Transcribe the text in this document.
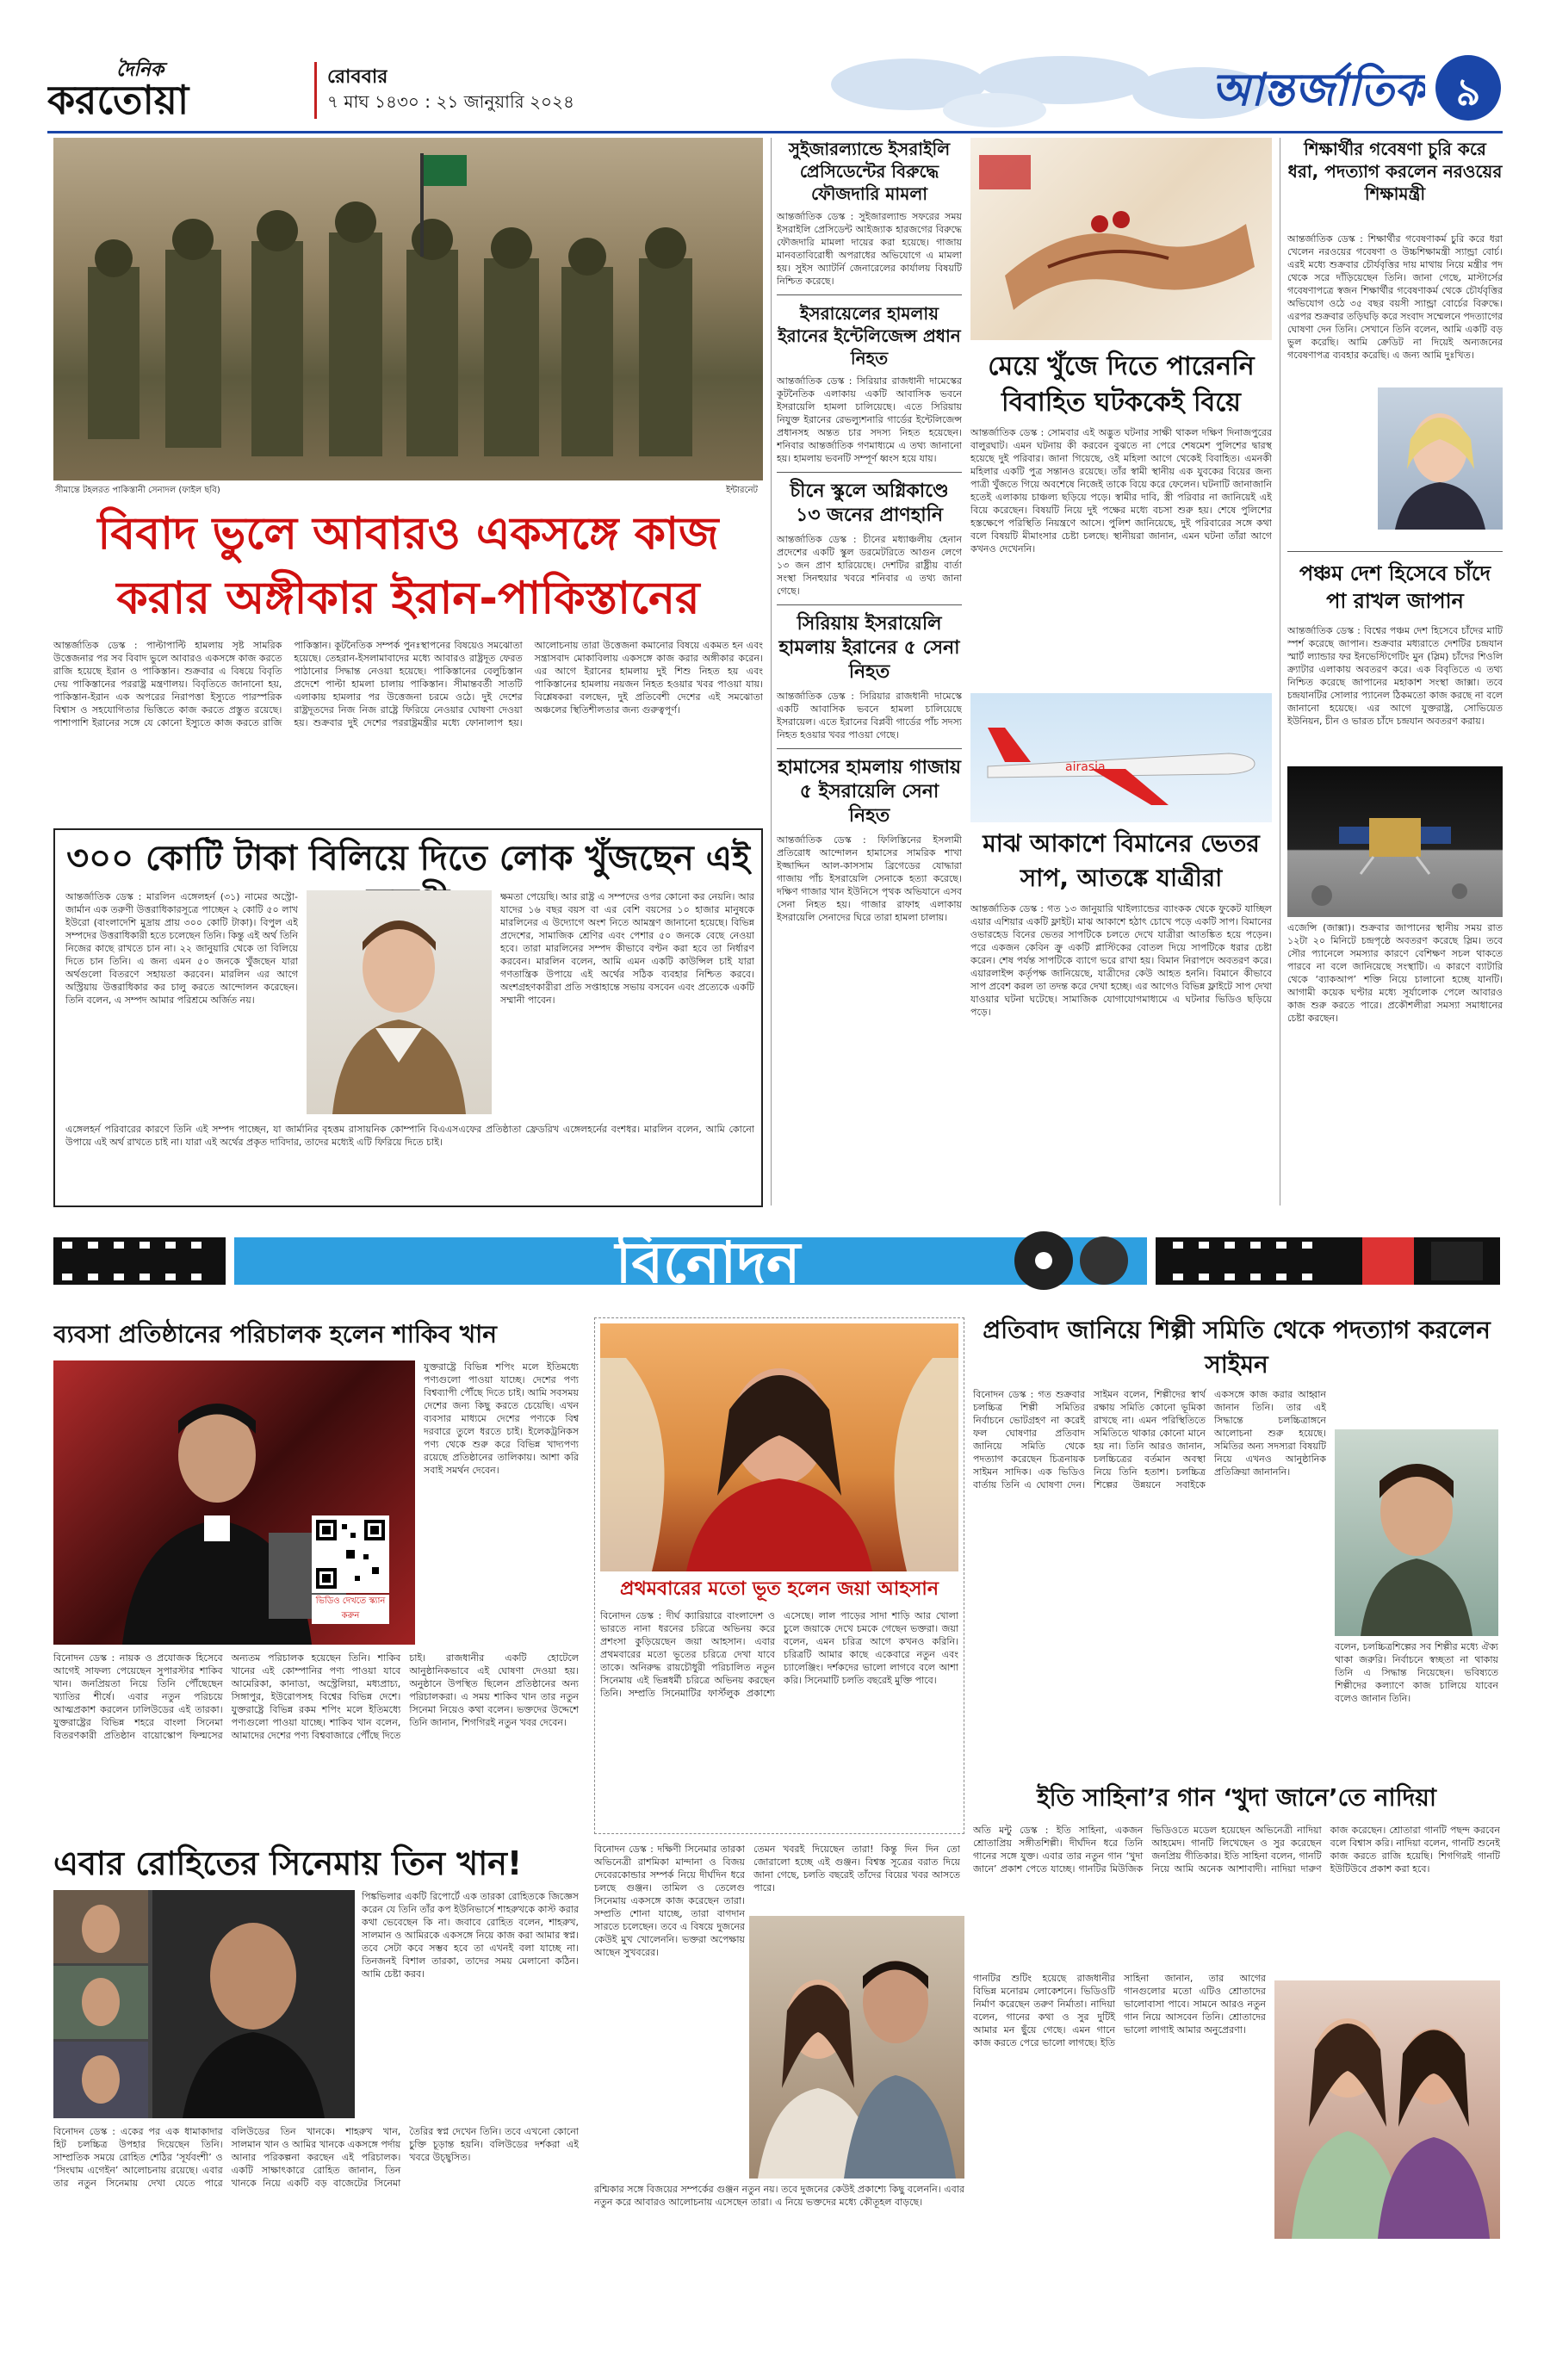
দৈনিক
করতোয়া	রোববার
৭ মাঘ ১৪৩০ : ২১ জানুয়ারি ২০২৪	আন্তর্জাতিক ৯
সীমান্তে টহলরত পাকিস্তানী সেনাদল (ফাইল ছবি)	ইন্টারনেট
বিবাদ ভুলে আবারও একসঙ্গে কাজ
করার অঙ্গীকার ইরান-পাকিস্তানের
আন্তর্জাতিক ডেস্ক : পাল্টাপাল্টি হামলায় সৃষ্ট সামরিক উত্তেজনার পর সব বিবাদ ভুলে আবারও একসঙ্গে কাজ করতে রাজি হয়েছে ইরান ও পাকিস্তান। শুক্রবার এ বিষয়ে বিবৃতি দেয় পাকিস্তানের পররাষ্ট্র মন্ত্রণালয়। বিবৃতিতে জানানো হয়, পাকিস্তান-ইরান এক অপরের নিরাপত্তা ইস্যুতে পারস্পরিক বিশ্বাস ও সহযোগিতার ভিত্তিতে কাজ করতে প্রস্তুত রয়েছে। পাশাপাশি ইরানের সঙ্গে যে কোনো ইস্যুতে কাজ করতে রাজি পাকিস্তান। কূটনৈতিক সম্পর্ক পুনঃস্থাপনের বিষয়েও সমঝোতা হয়েছে। তেহরান-ইসলামাবাদের মধ্যে আবারও রাষ্ট্রদূত ফেরত পাঠানোর সিদ্ধান্ত নেওয়া হয়েছে। পাকিস্তানের বেলুচিস্তান প্রদেশে পাল্টা হামলা চালায় পাকিস্তান। সীমান্তবর্তী সাতটি এলাকায় হামলার পর উত্তেজনা চরমে ওঠে। দুই দেশের রাষ্ট্রদূতদের নিজ নিজ রাষ্ট্রে ফিরিয়ে নেওয়ার ঘোষণা দেওয়া হয়। শুক্রবার দুই দেশের পররাষ্ট্রমন্ত্রীর মধ্যে ফোনালাপ হয়। আলোচনায় তারা উত্তেজনা কমানোর বিষয়ে একমত হন এবং সন্ত্রাসবাদ মোকাবিলায় একসঙ্গে কাজ করার অঙ্গীকার করেন। এর আগে ইরানের হামলায় দুই শিশু নিহত হয় এবং পাকিস্তানের হামলায় নয়জন নিহত হওয়ার খবর পাওয়া যায়। বিশ্লেষকরা বলছেন, দুই প্রতিবেশী দেশের এই সমঝোতা অঞ্চলের স্থিতিশীলতার জন্য গুরুত্বপূর্ণ।
৩০০ কোটি টাকা বিলিয়ে দিতে লোক খুঁজছেন এই
আন্তর্জাতিক ডেস্ক : মারলিন এঙ্গেলহর্ন (৩১) নামের অস্ট্রো-জার্মান এক তরুণী উত্তরাধিকারসূত্রে পাচ্ছেন ২ কোটি ৫০ লাখ ইউরো (বাংলাদেশি মুদ্রায় প্রায় ৩০০ কোটি টাকা)। বিপুল এই সম্পদের উত্তরাধিকারী হতে চলেছেন তিনি। কিন্তু এই অর্থ তিনি নিজের কাছে রাখতে চান না। ২২ জানুয়ারি থেকে তা বিলিয়ে দিতে চান তিনি। এ জন্য এমন ৫০ জনকে খুঁজছেন যারা অর্থগুলো বিতরণে সহায়তা করবেন। মারলিন এর আগে অস্ট্রিয়ায় উত্তরাধিকার কর চালু করতে আন্দোলন করেছেন। তিনি বলেন, এ সম্পদ আমার পরিশ্রমে অর্জিত নয়।
ক্ষমতা পেয়েছি। আর রাষ্ট্র এ সম্পদের ওপর কোনো কর নেয়নি। আর যাদের ১৬ বছর বয়স বা এর বেশি বয়সের ১০ হাজার মানুষকে মারলিনের এ উদ্যোগে অংশ নিতে আমন্ত্রণ জানানো হয়েছে। বিভিন্ন প্রদেশের, সামাজিক শ্রেণির এবং পেশার ৫০ জনকে বেছে নেওয়া হবে। তারা মারলিনের সম্পদ কীভাবে বণ্টন করা হবে তা নির্ধারণ করবেন। মারলিন বলেন, আমি এমন একটি কাউন্সিল চাই যারা গণতান্ত্রিক উপায়ে এই অর্থের সঠিক ব্যবহার নিশ্চিত করবে। অংশগ্রহণকারীরা প্রতি সপ্তাহান্তে সভায় বসবেন এবং প্রত্যেকে একটি সম্মানী পাবেন।
এঙ্গেলহর্ন পরিবারের কারণে তিনি এই সম্পদ পাচ্ছেন, যা জার্মানির বৃহত্তম রাসায়নিক কোম্পানি বিএএসএফের প্রতিষ্ঠাতা ফ্রেডরিখ এঙ্গেলহর্নের বংশধর। মারলিন বলেন, আমি কোনো উপায়ে এই অর্থ রাখতে চাই না। যারা এই অর্থের প্রকৃত দাবিদার, তাদের মধ্যেই এটি ফিরিয়ে দিতে চাই।
সুইজারল্যান্ডে ইসরাইলি প্রেসিডেন্টের বিরুদ্ধে ফৌজদারি মামলা
আন্তর্জাতিক ডেস্ক : সুইজারল্যান্ড সফরের সময় ইসরাইলি প্রেসিডেন্ট আইজ্যাক হারজগের বিরুদ্ধে ফৌজদারি মামলা দায়ের করা হয়েছে। গাজায় মানবতাবিরোধী অপরাধের অভিযোগে এ মামলা হয়। সুইস অ্যাটর্নি জেনারেলের কার্যালয় বিষয়টি নিশ্চিত করেছে।
ইসরায়েলের হামলায় ইরানের ইন্টেলিজেন্স প্রধান নিহত
আন্তর্জাতিক ডেস্ক : সিরিয়ার রাজধানী দামেস্কের কূটনৈতিক এলাকায় একটি আবাসিক ভবনে ইসরায়েলি হামলা চালিয়েছে। এতে সিরিয়ায় নিযুক্ত ইরানের রেভল্যুশনারি গার্ডের ইন্টেলিজেন্স প্রধানসহ অন্তত চার সদস্য নিহত হয়েছেন। শনিবার আন্তর্জাতিক গণমাধ্যমে এ তথ্য জানানো হয়। হামলায় ভবনটি সম্পূর্ণ ধ্বংস হয়ে যায়।
চীনে স্কুলে অগ্নিকাণ্ডে ১৩ জনের প্রাণহানি
আন্তর্জাতিক ডেস্ক : চীনের মধ্যাঞ্চলীয় হেনান প্রদেশের একটি স্কুল ডরমেটরিতে আগুন লেগে ১৩ জন প্রাণ হারিয়েছে। দেশটির রাষ্ট্রীয় বার্তা সংস্থা সিনহুয়ার খবরে শনিবার এ তথ্য জানা গেছে।
সিরিয়ায় ইসরায়েলি হামলায় ইরানের ৫ সেনা নিহত
আন্তর্জাতিক ডেস্ক : সিরিয়ার রাজধানী দামেস্কে একটি আবাসিক ভবনে হামলা চালিয়েছে ইসরায়েল। এতে ইরানের বিপ্লবী গার্ডের পাঁচ সদস্য নিহত হওয়ার খবর পাওয়া গেছে।
হামাসের হামলায় গাজায় ৫ ইসরায়েলি সেনা নিহত
আন্তর্জাতিক ডেস্ক : ফিলিস্তিনের ইসলামী প্রতিরোধ আন্দোলন হামাসের সামরিক শাখা ইজ্জাদ্দিন আল-কাসসাম ব্রিগেডের যোদ্ধারা গাজায় পাঁচ ইসরায়েলি সেনাকে হত্যা করেছে। দক্ষিণ গাজার খান ইউনিসে পৃথক অভিযানে এসব সেনা নিহত হয়। গাজার রাফাহ এলাকায় ইসরায়েলি সেনাদের ঘিরে তারা হামলা চালায়।
মেয়ে খুঁজে দিতে পারেননি বিবাহিত ঘটককেই বিয়ে
আন্তর্জাতিক ডেস্ক : সোমবার এই অদ্ভুত ঘটনার সাক্ষী থাকল দক্ষিণ দিনাজপুরের বালুরঘাট। এমন ঘটনায় কী করবেন বুঝতে না পেরে শেষমেশ পুলিশের দ্বারস্থ হয়েছে দুই পরিবার। জানা গিয়েছে, ওই মহিলা আগে থেকেই বিবাহিত। এমনকী মহিলার একটি পুত্র সন্তানও রয়েছে। তাঁর স্বামী স্থানীয় এক যুবকের বিয়ের জন্য পাত্রী খুঁজতে গিয়ে অবশেষে নিজেই তাকে বিয়ে করে ফেলেন। ঘটনাটি জানাজানি হতেই এলাকায় চাঞ্চল্য ছড়িয়ে পড়ে। স্বামীর দাবি, স্ত্রী পরিবার না জানিয়েই এই বিয়ে করেছেন। বিষয়টি নিয়ে দুই পক্ষের মধ্যে বচসা শুরু হয়। শেষে পুলিশের হস্তক্ষেপে পরিস্থিতি নিয়ন্ত্রণে আসে। পুলিশ জানিয়েছে, দুই পরিবারের সঙ্গে কথা বলে বিষয়টি মীমাংসার চেষ্টা চলছে। স্থানীয়রা জানান, এমন ঘটনা তাঁরা আগে কখনও দেখেননি।
airasia
মাঝ আকাশে বিমানের ভেতর সাপ, আতঙ্কে যাত্রীরা
আন্তর্জাতিক ডেস্ক : গত ১৩ জানুয়ারি থাইল্যান্ডের ব্যাংকক থেকে ফুকেট যাচ্ছিল এয়ার এশিয়ার একটি ফ্লাইট। মাঝ আকাশে হঠাৎ চোখে পড়ে একটি সাপ। বিমানের ওভারহেড বিনের ভেতর সাপটিকে চলতে দেখে যাত্রীরা আতঙ্কিত হয়ে পড়েন। পরে একজন কেবিন ক্রু একটি প্লাস্টিকের বোতল দিয়ে সাপটিকে ধরার চেষ্টা করেন। শেষ পর্যন্ত সাপটিকে ব্যাগে ভরে রাখা হয়। বিমান নিরাপদে অবতরণ করে। এয়ারলাইন্স কর্তৃপক্ষ জানিয়েছে, যাত্রীদের কেউ আহত হননি। বিমানে কীভাবে সাপ প্রবেশ করল তা তদন্ত করে দেখা হচ্ছে। এর আগেও বিভিন্ন ফ্লাইটে সাপ দেখা যাওয়ার ঘটনা ঘটেছে। সামাজিক যোগাযোগমাধ্যমে এ ঘটনার ভিডিও ছড়িয়ে পড়ে।
শিক্ষার্থীর গবেষণা চুরি করে ধরা, পদত্যাগ করলেন নরওয়ের শিক্ষামন্ত্রী
আন্তর্জাতিক ডেস্ক : শিক্ষার্থীর গবেষণাকর্ম চুরি করে ধরা খেলেন নরওয়ের গবেষণা ও উচ্চশিক্ষামন্ত্রী স্যান্ড্রা বোর্চ। এরই মধ্যে শুক্রবার চৌর্যবৃত্তির দায় মাথায় নিয়ে মন্ত্রীর পদ থেকে সরে দাঁড়িয়েছেন তিনি। জানা গেছে, মাস্টার্সের গবেষণাপত্রে স্বজন শিক্ষার্থীর গবেষণাকর্ম থেকে চৌর্যবৃত্তির অভিযোগ ওঠে ৩৫ বছর বয়সী স্যান্ড্রা বোর্চের বিরুদ্ধে। এরপর শুক্রবার তড়িঘড়ি করে সংবাদ সম্মেলনে পদত্যাগের ঘোষণা দেন তিনি। সেখানে তিনি বলেন, আমি একটি বড় ভুল করেছি। আমি ক্রেডিট না দিয়েই অন্যজনের গবেষণাপত্র ব্যবহার করেছি। এ জন্য আমি দুঃখিত।
পঞ্চম দেশ হিসেবে চাঁদে পা রাখল জাপান
আন্তর্জাতিক ডেস্ক : বিশ্বের পঞ্চম দেশ হিসেবে চাঁদের মাটি স্পর্শ করেছে জাপান। শুক্রবার মধ্যরাতে দেশটির চন্দ্রযান স্মার্ট ল্যান্ডার ফর ইনভেস্টিগেটিং মুন (স্লিম) চাঁদের শিওলি ক্র্যাটার এলাকায় অবতরণ করে। এক বিবৃতিতে এ তথ্য নিশ্চিত করেছে জাপানের মহাকাশ সংস্থা জাক্সা। তবে চন্দ্রযানটির সোলার প্যানেল ঠিকমতো কাজ করছে না বলে জানানো হয়েছে। এর আগে যুক্তরাষ্ট্র, সোভিয়েত ইউনিয়ন, চীন ও ভারত চাঁদে চন্দ্রযান অবতরণ করায়।
এজেন্সি (জাক্সা)। শুক্রবার জাপানের স্থানীয় সময় রাত ১২টা ২০ মিনিটে চন্দ্রপৃষ্ঠে অবতরণ করেছে স্লিম। তবে সৌর প্যানেলে সমস্যার কারণে বেশিক্ষণ সচল থাকতে পারবে না বলে জানিয়েছে সংস্থাটি। এ কারণে ব্যাটারি থেকে ‘ব্যাকআপ’ শক্তি নিয়ে চালানো হচ্ছে যানটি। আগামী কয়েক ঘণ্টার মধ্যে সূর্যালোক পেলে আবারও কাজ শুরু করতে পারে। প্রকৌশলীরা সমস্যা সমাধানের চেষ্টা করছেন।
বিনোদন
ব্যবসা প্রতিষ্ঠানের পরিচালক হলেন শাকিব খান
ভিডিও দেখতে স্ক্যান করুন
যুক্তরাষ্ট্রে বিভিন্ন শপিং মলে ইতিমধ্যে পণ্যগুলো পাওয়া যাচ্ছে। দেশের পণ্য বিশ্বব্যাপী পৌঁছে দিতে চাই। আমি সবসময় দেশের জন্য কিছু করতে চেয়েছি। এখন ব্যবসার মাধ্যমে দেশের পণ্যকে বিশ্ব দরবারে তুলে ধরতে চাই। ইলেকট্রনিকস পণ্য থেকে শুরু করে বিভিন্ন খাদ্যপণ্য রয়েছে প্রতিষ্ঠানের তালিকায়। আশা করি সবাই সমর্থন দেবেন।
বিনোদন ডেস্ক : নায়ক ও প্রযোজক হিসেবে আগেই সাফল্য পেয়েছেন সুপারস্টার শাকিব খান। জনপ্রিয়তা নিয়ে তিনি পৌঁছেছেন খ্যাতির শীর্ষে। এবার নতুন পরিচয়ে আত্মপ্রকাশ করলেন ঢালিউডের এই তারকা। যুক্তরাষ্ট্রের বিভিন্ন শহরে বাংলা সিনেমা বিতরণকারী প্রতিষ্ঠান বায়োস্কোপ ফিল্মসের অন্যতম পরিচালক হয়েছেন তিনি। শাকিব খানের এই কোম্পানির পণ্য পাওয়া যাবে আমেরিকা, কানাডা, অস্ট্রেলিয়া, মধ্যপ্রাচ্য, সিঙ্গাপুর, ইউরোপসহ বিশ্বের বিভিন্ন দেশে। যুক্তরাষ্ট্রে বিভিন্ন রকম শপিং মলে ইতিমধ্যে পণ্যগুলো পাওয়া যাচ্ছে। শাকিব খান বলেন, আমাদের দেশের পণ্য বিশ্ববাজারে পৌঁছে দিতে চাই। রাজধানীর একটি হোটেলে আনুষ্ঠানিকভাবে এই ঘোষণা দেওয়া হয়। অনুষ্ঠানে উপস্থিত ছিলেন প্রতিষ্ঠানের অন্য পরিচালকরা। এ সময় শাকিব খান তার নতুন সিনেমা নিয়েও কথা বলেন। ভক্তদের উদ্দেশে তিনি জানান, শিগগিরই নতুন খবর দেবেন।
প্রথমবারের মতো ভূত হলেন জয়া আহসান
বিনোদন ডেস্ক : দীর্ঘ ক্যারিয়ারে বাংলাদেশ ও ভারতে নানা ধরনের চরিত্রে অভিনয় করে প্রশংসা কুড়িয়েছেন জয়া আহসান। এবার প্রথমবারের মতো ভূতের চরিত্রে দেখা যাবে তাকে। অনিরুদ্ধ রায়চৌধুরী পরিচালিত নতুন সিনেমায় এই ভিন্নধর্মী চরিত্রে অভিনয় করছেন তিনি। সম্প্রতি সিনেমাটির ফার্স্টলুক প্রকাশ্যে এসেছে। লাল পাড়ের সাদা শাড়ি আর খোলা চুলে জয়াকে দেখে চমকে গেছেন ভক্তরা। জয়া বলেন, এমন চরিত্র আগে কখনও করিনি। চরিত্রটি আমার কাছে একেবারে নতুন এবং চ্যালেঞ্জিং। দর্শকদের ভালো লাগবে বলে আশা করি। সিনেমাটি চলতি বছরেই মুক্তি পাবে।
প্রতিবাদ জানিয়ে শিল্পী সমিতি থেকে পদত্যাগ করলেন সাইমন
বিনোদন ডেস্ক : গত শুক্রবার চলচ্চিত্র শিল্পী সমিতির নির্বাচনে ভোটগ্রহণ না করেই ফল ঘোষণার প্রতিবাদ জানিয়ে সমিতি থেকে পদত্যাগ করেছেন চিত্রনায়ক সাইমন সাদিক। এক ভিডিও বার্তায় তিনি এ ঘোষণা দেন। সাইমন বলেন, শিল্পীদের স্বার্থ রক্ষায় সমিতি কোনো ভূমিকা রাখছে না। এমন পরিস্থিতিতে সমিতিতে থাকার কোনো মানে হয় না। তিনি আরও জানান, চলচ্চিত্রের বর্তমান অবস্থা নিয়ে তিনি হতাশ। চলচ্চিত্র শিল্পের উন্নয়নে সবাইকে একসঙ্গে কাজ করার আহ্বান জানান তিনি। তার এই সিদ্ধান্তে চলচ্চিত্রাঙ্গনে আলোচনা শুরু হয়েছে। সমিতির অন্য সদস্যরা বিষয়টি নিয়ে এখনও আনুষ্ঠানিক প্রতিক্রিয়া জানাননি।
বলেন, চলচ্চিত্রশিল্পের সব শিল্পীর মধ্যে ঐক্য থাকা জরুরি। নির্বাচনে স্বচ্ছতা না থাকায় তিনি এ সিদ্ধান্ত নিয়েছেন। ভবিষ্যতে শিল্পীদের কল্যাণে কাজ চালিয়ে যাবেন বলেও জানান তিনি।
ইতি সাহিনা’র গান ‘খুদা জানে’তে নাদিয়া
অতি মন্টু ডেস্ক : ইতি সাহিনা, একজন শ্রোতাপ্রিয় সঙ্গীতশিল্পী। দীর্ঘদিন ধরে তিনি গানের সঙ্গে যুক্ত। এবার তার নতুন গান ‘খুদা জানে’ প্রকাশ পেতে যাচ্ছে। গানটির মিউজিক ভিডিওতে মডেল হয়েছেন অভিনেত্রী নাদিয়া আহমেদ। গানটি লিখেছেন ও সুর করেছেন জনপ্রিয় গীতিকার। ইতি সাহিনা বলেন, গানটি নিয়ে আমি অনেক আশাবাদী। নাদিয়া দারুণ কাজ করেছেন। শ্রোতারা গানটি পছন্দ করবেন বলে বিশ্বাস করি। নাদিয়া বলেন, গানটি শুনেই কাজ করতে রাজি হয়েছি। শিগগিরই গানটি ইউটিউবে প্রকাশ করা হবে।
গানটির শুটিং হয়েছে রাজধানীর বিভিন্ন মনোরম লোকেশনে। ভিডিওটি নির্মাণ করেছেন তরুণ নির্মাতা। নাদিয়া বলেন, গানের কথা ও সুর দুটিই আমার মন ছুঁয়ে গেছে। এমন গানে কাজ করতে পেরে ভালো লাগছে। ইতি সাহিনা জানান, তার আগের গানগুলোর মতো এটিও শ্রোতাদের ভালোবাসা পাবে। সামনে আরও নতুন গান নিয়ে আসবেন তিনি। শ্রোতাদের ভালো লাগাই আমার অনুপ্রেরণা।
এবার রোহিতের সিনেমায় তিন খান!
পিঙ্কভিলার একটি রিপোর্টে এক তারকা রোহিতকে জিজ্ঞেস করেন যে তিনি তাঁর কপ ইউনিভার্সে শাহরুখকে কাস্ট করার কথা ভেবেছেন কি না। জবাবে রোহিত বলেন, শাহরুখ, সালমান ও আমিরকে একসঙ্গে নিয়ে কাজ করা আমার স্বপ্ন। তবে সেটা কবে সম্ভব হবে তা এখনই বলা যাচ্ছে না। তিনজনই বিশাল তারকা, তাদের সময় মেলানো কঠিন। আমি চেষ্টা করব।
বিনোদন ডেস্ক : একের পর এক ধামাকাদার হিট চলচ্চিত্র উপহার দিয়েছেন তিনি। সাম্প্রতিক সময়ে রোহিত শেঠির ‘সূর্যবংশী’ ও ‘সিংঘাম এগেইন’ আলোচনায় রয়েছে। এবার তার নতুন সিনেমায় দেখা যেতে পারে বলিউডের তিন খানকে। শাহরুখ খান, সালমান খান ও আমির খানকে একসঙ্গে পর্দায় আনার পরিকল্পনা করছেন এই পরিচালক। একটি সাক্ষাৎকারে রোহিত জানান, তিন খানকে নিয়ে একটি বড় বাজেটের সিনেমা তৈরির স্বপ্ন দেখেন তিনি। তবে এখনো কোনো চুক্তি চূড়ান্ত হয়নি। বলিউডের দর্শকরা এই খবরে উচ্ছ্বসিত।
বিনোদন ডেস্ক : দক্ষিণী সিনেমার তারকা অভিনেত্রী রাশমিকা মান্দানা ও বিজয় দেবেরকোন্ডার সম্পর্ক নিয়ে দীর্ঘদিন ধরে চলছে গুঞ্জন। তামিল ও তেলেগু সিনেমায় একসঙ্গে কাজ করেছেন তারা। সম্প্রতি শোনা যাচ্ছে, তারা বাগদান সারতে চলেছেন। তবে এ বিষয়ে দুজনের কেউই মুখ খোলেননি। ভক্তরা অপেক্ষায় আছেন সুখবরের।
তেমন খবরই দিয়েছেন তারা! কিন্তু দিন দিন তো জোরালো হচ্ছে এই গুঞ্জন। বিশ্বস্ত সূত্রের বরাত দিয়ে জানা গেছে, চলতি বছরেই তাঁদের বিয়ের খবর আসতে পারে।
রশ্মিকার সঙ্গে বিজয়ের সম্পর্কের গুঞ্জন নতুন নয়। তবে দুজনের কেউই প্রকাশ্যে কিছু বলেননি। এবার নতুন করে আবারও আলোচনায় এসেছেন তারা। এ নিয়ে ভক্তদের মধ্যে কৌতূহল বাড়ছে।
